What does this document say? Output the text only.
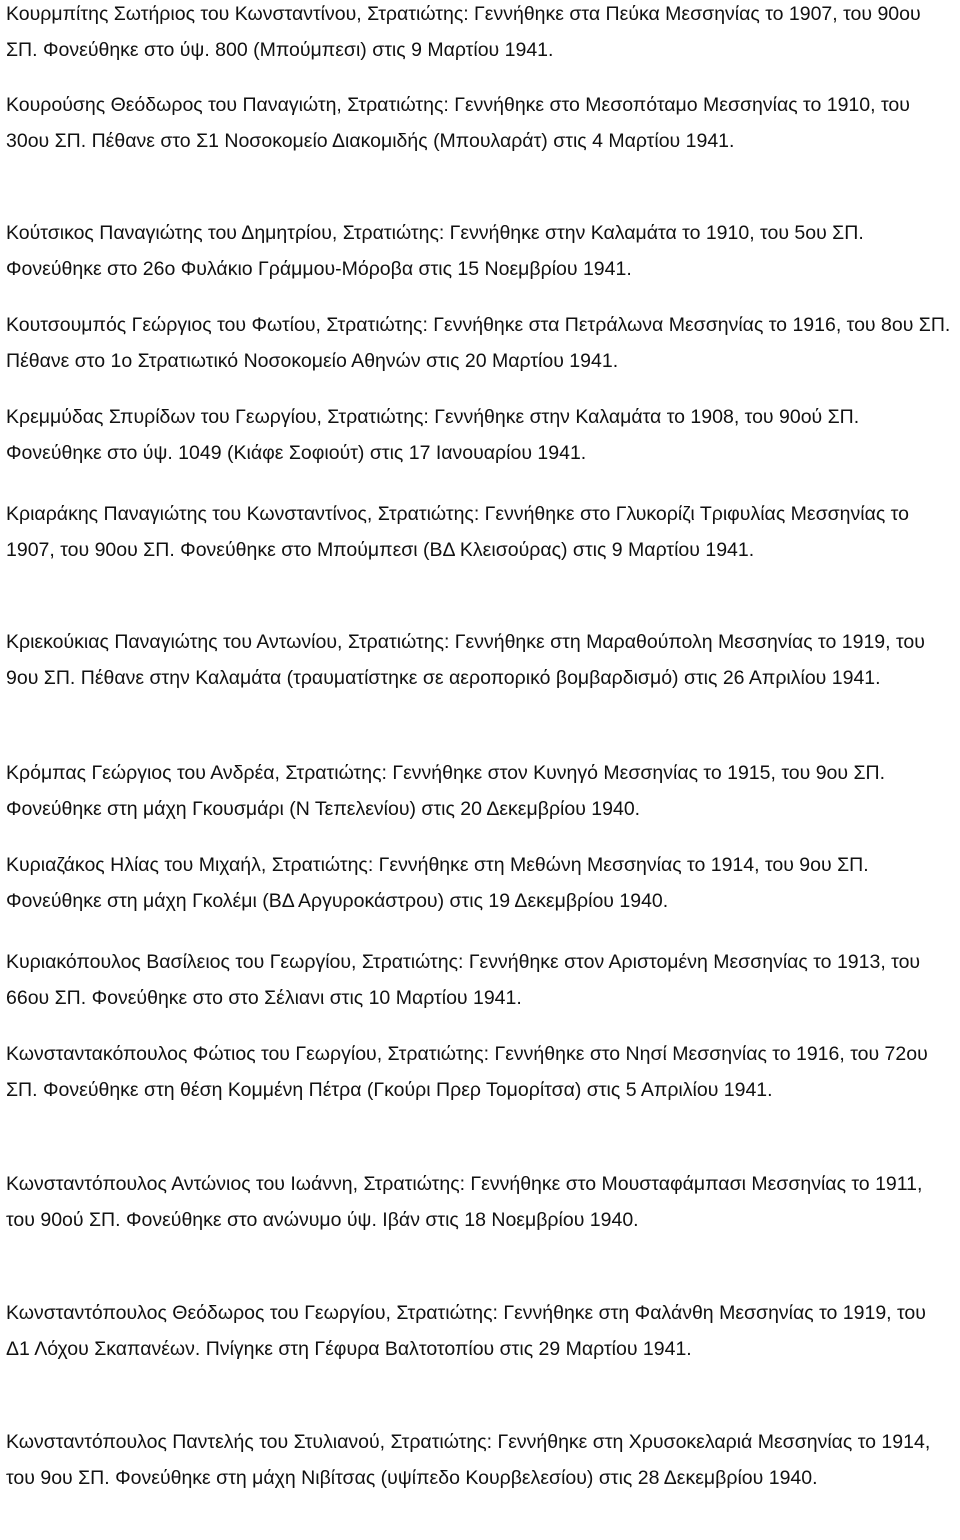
Κουρμπίτης Σωτήριος του Κωνσταντίνου, Στρατιώτης: Γεννήθηκε στα Πεύκα Μεσσηνίας το 1907, του 90ου ΣΠ. Φονεύθηκε στο ύψ. 800 (Μπούμπεσι) στις 9 Μαρτίου 1941.

Κουρούσης Θεόδωρος του Παναγιώτη, Στρατιώτης: Γεννήθηκε στο Μεσοπόταμο Μεσσηνίας το 1910, του 30ου ΣΠ. Πέθανε στο Σ1 Νοσοκομείο Διακομιδής (Μπουλαράτ) στις 4 Μαρτίου 1941.

Κούτσικος Παναγιώτης του Δημητρίου, Στρατιώτης: Γεννήθηκε στην Καλαμάτα το 1910, του 5ου ΣΠ. Φονεύθηκε στο 26ο Φυλάκιο Γράμμου-Μόροβα στις 15 Νοεμβρίου 1941.

Κουτσουμπός Γεώργιος του Φωτίου, Στρατιώτης: Γεννήθηκε στα Πετράλωνα Μεσσηνίας το 1916, του 8ου ΣΠ. Πέθανε στο 1ο Στρατιωτικό Νοσοκομείο Αθηνών στις 20 Μαρτίου 1941.

Κρεμμύδας Σπυρίδων του Γεωργίου, Στρατιώτης: Γεννήθηκε στην Καλαμάτα το 1908, του 90ού ΣΠ. Φονεύθηκε στο ύψ. 1049 (Κιάφε Σοφιούτ) στις 17 Ιανουαρίου 1941.

Κριαράκης Παναγιώτης του Κωνσταντίνος, Στρατιώτης: Γεννήθηκε στο Γλυκορίζι Τριφυλίας Μεσσηνίας το 1907, του 90ου ΣΠ. Φονεύθηκε στο Μπούμπεσι (ΒΔ Κλεισούρας) στις 9 Μαρτίου 1941.

Κριεκούκιας Παναγιώτης του Αντωνίου, Στρατιώτης: Γεννήθηκε στη Μαραθούπολη Μεσσηνίας το 1919, του 9ου ΣΠ. Πέθανε στην Καλαμάτα (τραυματίστηκε σε αεροπορικό βομβαρδισμό) στις 26 Απριλίου 1941.

Κρόμπας Γεώργιος του Ανδρέα, Στρατιώτης: Γεννήθηκε στον Κυνηγό Μεσσηνίας το 1915, του 9ου ΣΠ. Φονεύθηκε στη μάχη Γκουσμάρι (Ν Τεπελενίου) στις 20 Δεκεμβρίου 1940.

Κυριαζάκος Ηλίας του Μιχαήλ, Στρατιώτης: Γεννήθηκε στη Μεθώνη Μεσσηνίας το 1914, του 9ου ΣΠ. Φονεύθηκε στη μάχη Γκολέμι (ΒΔ Αργυροκάστρου) στις 19 Δεκεμβρίου 1940.

Κυριακόπουλος Βασίλειος του Γεωργίου, Στρατιώτης: Γεννήθηκε στον Αριστομένη Μεσσηνίας το 1913, του 66ου ΣΠ. Φονεύθηκε στο στο Σέλιανι στις 10 Μαρτίου 1941.

Κωνσταντακόπουλος Φώτιος του Γεωργίου, Στρατιώτης: Γεννήθηκε στο Νησί Μεσσηνίας το 1916, του 72ου ΣΠ. Φονεύθηκε στη θέση Κομμένη Πέτρα (Γκούρι Πρερ Τομορίτσα) στις 5 Απριλίου 1941.

Κωνσταντόπουλος Αντώνιος του Ιωάννη, Στρατιώτης: Γεννήθηκε στο Μουσταφάμπασι Μεσσηνίας το 1911, του 90ού ΣΠ. Φονεύθηκε στο ανώνυμο ύψ. Ιβάν στις 18 Νοεμβρίου 1940.

Κωνσταντόπουλος Θεόδωρος του Γεωργίου, Στρατιώτης: Γεννήθηκε στη Φαλάνθη Μεσσηνίας το 1919, του Δ1 Λόχου Σκαπανέων. Πνίγηκε στη Γέφυρα Βαλτοτοπίου στις 29 Μαρτίου 1941.

Κωνσταντόπουλος Παντελής του Στυλιανού, Στρατιώτης: Γεννήθηκε στη Χρυσοκελαριά Μεσσηνίας το 1914, του 9ου ΣΠ. Φονεύθηκε στη μάχη Νιβίτσας (υψίπεδο Κουρβελεσίου) στις 28 Δεκεμβρίου 1940.
